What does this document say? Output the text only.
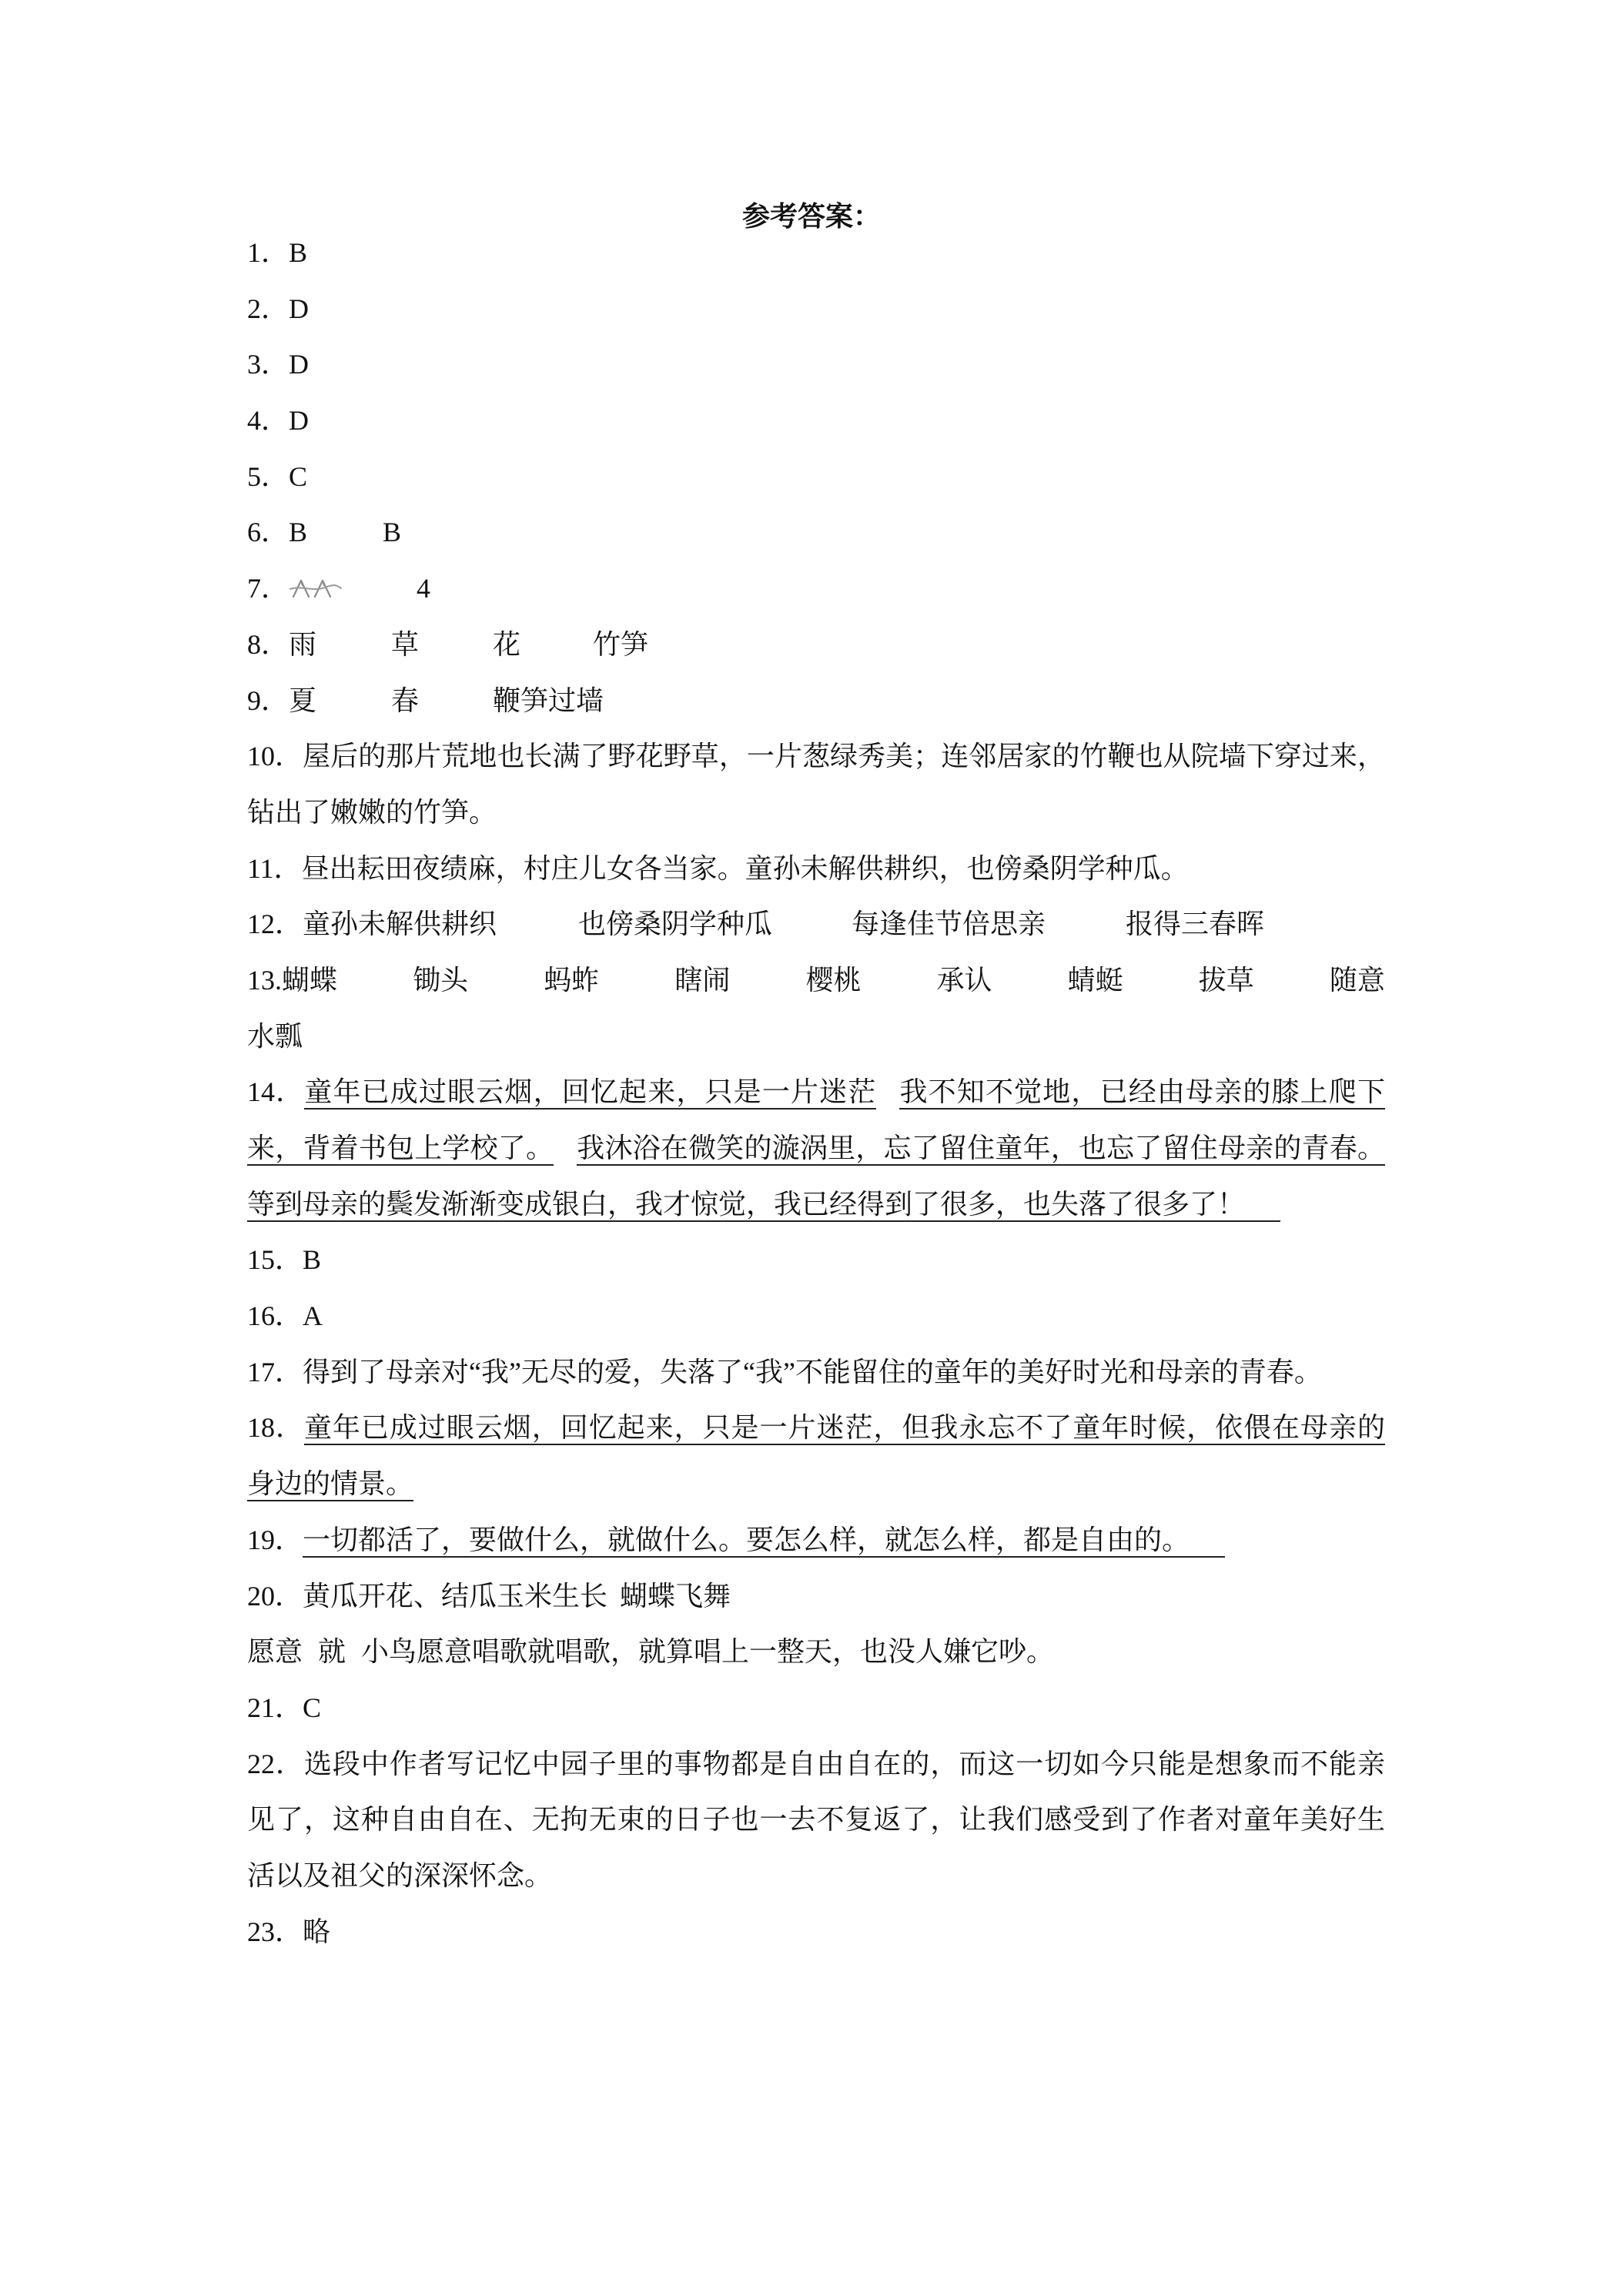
参考答案：
1．B
2．D
3．D
4．D
5．C
6．B	B
7．	4
8．雨	草	花	竹笋
9．夏	春	鞭笋过墙
10．屋后的那片荒地也长满了野花野草，一片葱绿秀美；连邻居家的竹鞭也从院墙下穿过来，
钻出了嫩嫩的竹笋。
11．昼出耘田夜绩麻，村庄儿女各当家。童孙未解供耕织，也傍桑阴学种瓜。
12．童孙未解供耕织	也傍桑阴学种瓜	每逢佳节倍思亲	报得三春晖
13.蝴蝶	锄头	蚂蚱	瞎闹	樱桃	承认	蜻蜓	拔草	随意
水瓢
14．童年已成过眼云烟，回忆起来，只是一片迷茫 我不知不觉地，已经由母亲的膝上爬下
来，背着书包上学校了。 我沐浴在微笑的漩涡里，忘了留住童年，也忘了留住母亲的青春。
等到母亲的鬓发渐渐变成银白，我才惊觉，我已经得到了很多，也失落了很多了！
15．B
16．A
17．得到了母亲对“我”无尽的爱，失落了“我”不能留住的童年的美好时光和母亲的青春。
18．童年已成过眼云烟，回忆起来，只是一片迷茫，但我永忘不了童年时候，依偎在母亲的
身边的情景。
19．一切都活了，要做什么，就做什么。要怎么样，就怎么样，都是自由的。
20．黄瓜开花、结瓜玉米生长 蝴蝶飞舞
愿意 就 小鸟愿意唱歌就唱歌，就算唱上一整天，也没人嫌它吵。
21．C
22．选段中作者写记忆中园子里的事物都是自由自在的，而这一切如今只能是想象而不能亲
见了，这种自由自在、无拘无束的日子也一去不复返了，让我们感受到了作者对童年美好生
活以及祖父的深深怀念。
23．略
